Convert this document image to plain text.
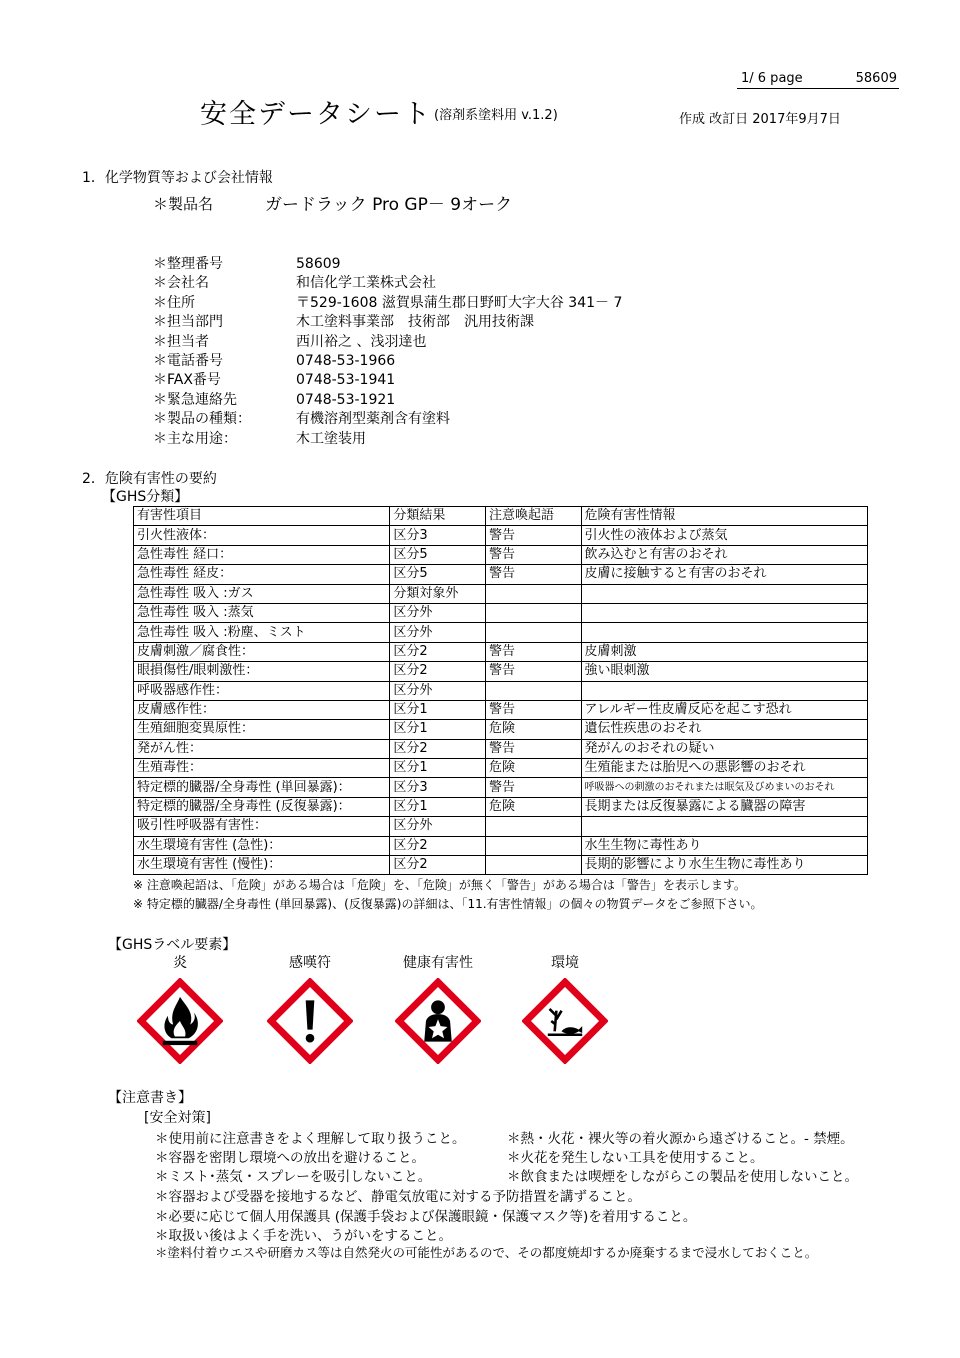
1/ 6 page	58609
安全データシート (溶剤系塗料用 v.1.2)	作成 改訂日 2017年9月7日
1．化学物質等および会社情報
＊製品名	ガードラック Pro GP－ 9オーク
＊整理番号	58609
＊会社名	和信化学工業株式会社
＊住所	〒529-1608 滋賀県蒲生郡日野町大字大谷 341－ 7
＊担当部門	木工塗料事業部　技術部　汎用技術課
＊担当者	西川裕之 、浅羽達也
＊電話番号	0748-53-1966
＊FAX番号	0748-53-1941
＊緊急連絡先	0748-53-1921
＊製品の種類：	有機溶剤型薬剤含有塗料
＊主な用途：	木工塗装用
2．危険有害性の要約
【GHS分類】
有害性項目	分類結果	注意喚起語	危険有害性情報
引火性液体：	区分3	警告	引火性の液体および蒸気
急性毒性 経口：	区分5	警告	飲み込むと有害のおそれ
急性毒性 経皮：	区分5	警告	皮膚に接触すると有害のおそれ
急性毒性 吸入 :ガス	分類対象外		
急性毒性 吸入 :蒸気	区分外		
急性毒性 吸入 :粉塵、ミスト	区分外		
皮膚刺激／腐食性：	区分2	警告	皮膚刺激
眼損傷性/眼刺激性：	区分2	警告	強い眼刺激
呼吸器感作性：	区分外		
皮膚感作性：	区分1	警告	アレルギー性皮膚反応を起こす恐れ
生殖細胞変異原性：	区分1	危険	遺伝性疾患のおそれ
発がん性：	区分2	警告	発がんのおそれの疑い
生殖毒性：	区分1	危険	生殖能または胎児への悪影響のおそれ
特定標的臓器/全身毒性 (単回暴露)：	区分3	警告	呼吸器への刺激のおそれまたは眠気及びめまいのおそれ
特定標的臓器/全身毒性 (反復暴露)：	区分1	危険	長期または反復暴露による臓器の障害
吸引性呼吸器有害性：	区分外		
水生環境有害性 (急性)：	区分2		水生生物に毒性あり
水生環境有害性 (慢性)：	区分2		長期的影響により水生生物に毒性あり
※ 注意喚起語は、「危険」がある場合は「危険」を、「危険」が無く「警告」がある場合は「警告」を表示します。
※ 特定標的臓器/全身毒性 (単回暴露)、(反復暴露)の詳細は、「11.有害性情報」の個々の物質データをご参照下さい。
【GHSラベル要素】
炎	感嘆符	健康有害性	環境
【注意書き】
[安全対策]
＊使用前に注意書きをよく理解して取り扱うこと。
＊容器を密閉し環境への放出を避けること。
＊ミスト･蒸気・スプレーを吸引しないこと。
＊熱・火花・裸火等の着火源から遠ざけること。- 禁煙。
＊火花を発生しない工具を使用すること。
＊飲食または喫煙をしながらこの製品を使用しないこと。
＊容器および受器を接地するなど、静電気放電に対する予防措置を講ずること。
＊必要に応じて個人用保護具 (保護手袋および保護眼鏡・保護マスク等)を着用すること。
＊取扱い後はよく手を洗い、うがいをすること。
＊塗料付着ウエスや研磨カス等は自然発火の可能性があるので、その都度焼却するか廃棄するまで浸水しておくこと。
